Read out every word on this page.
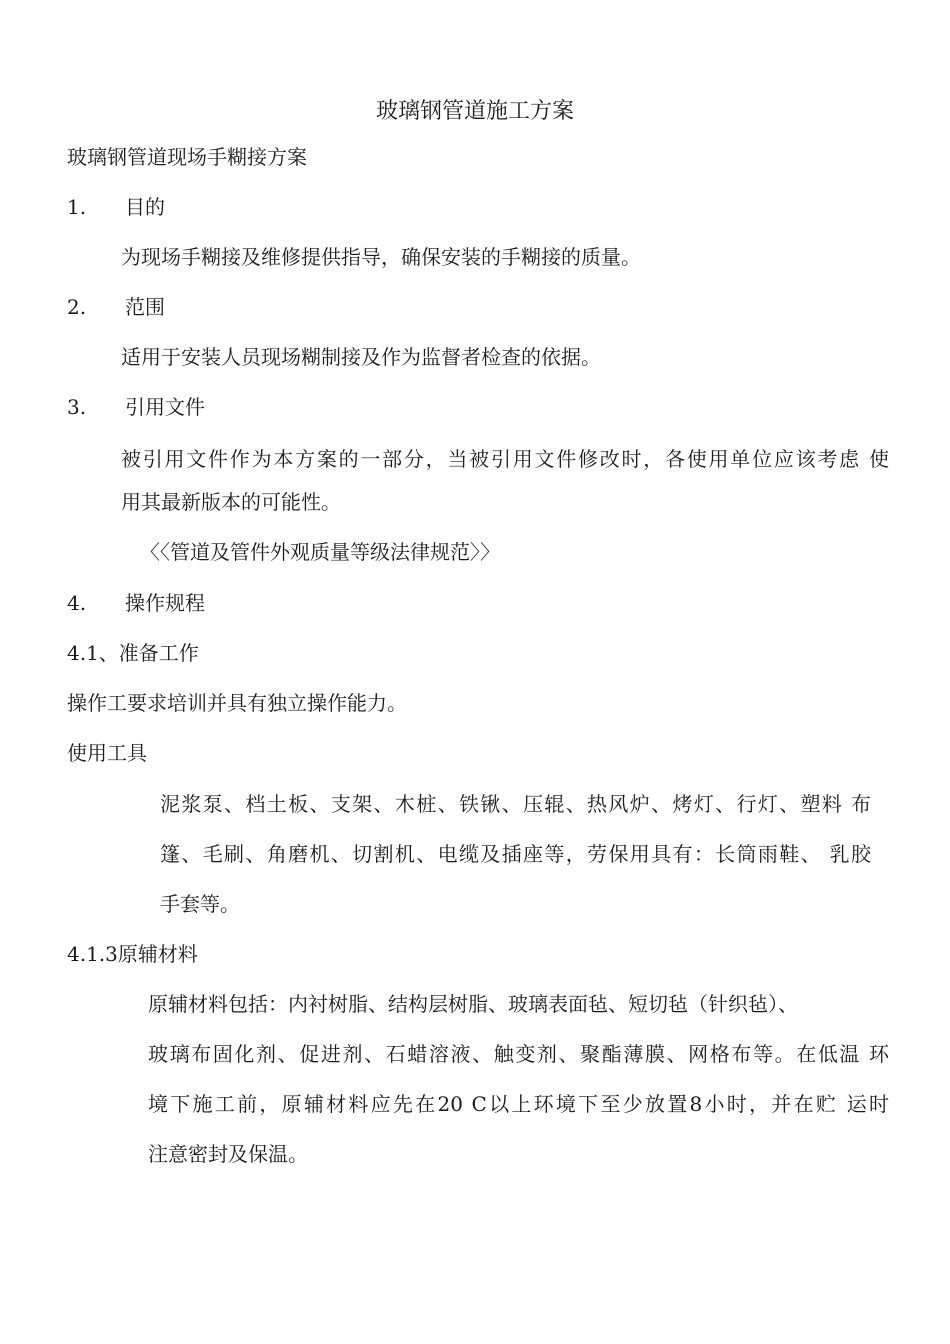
玻璃钢管道施工方案

玻璃钢管道现场手糊接方案

1. 目的

为现场手糊接及维修提供指导，确保安装的手糊接的质量。

2. 范围

适用于安装人员现场糊制接及作为监督者检查的依据。

3. 引用文件

被引用文件作为本方案的一部分，当被引用文件修改时，各使用单位应该考虑 使

用其最新版本的可能性。

〈〈管道及管件外观质量等级法律规范〉〉

4. 操作规程

4.1、准备工作

操作工要求培训并具有独立操作能力。

使用工具

泥浆泵、档土板、支架、木桩、铁锹、压辊、热风炉、烤灯、行灯、塑料 布

篷、毛刷、角磨机、切割机、电缆及插座等，劳保用具有：长筒雨鞋、 乳胶

手套等。

4.1.3原辅材料

原辅材料包括：内衬树脂、结构层树脂、玻璃表面毡、短切毡（针织毡）、

玻璃布固化剂、促进剂、石蜡溶液、触变剂、聚酯薄膜、网格布等。在低温 环

境下施工前，原辅材料应先在20 C以上环境下至少放置8小时，并在贮 运时

注意密封及保温。
